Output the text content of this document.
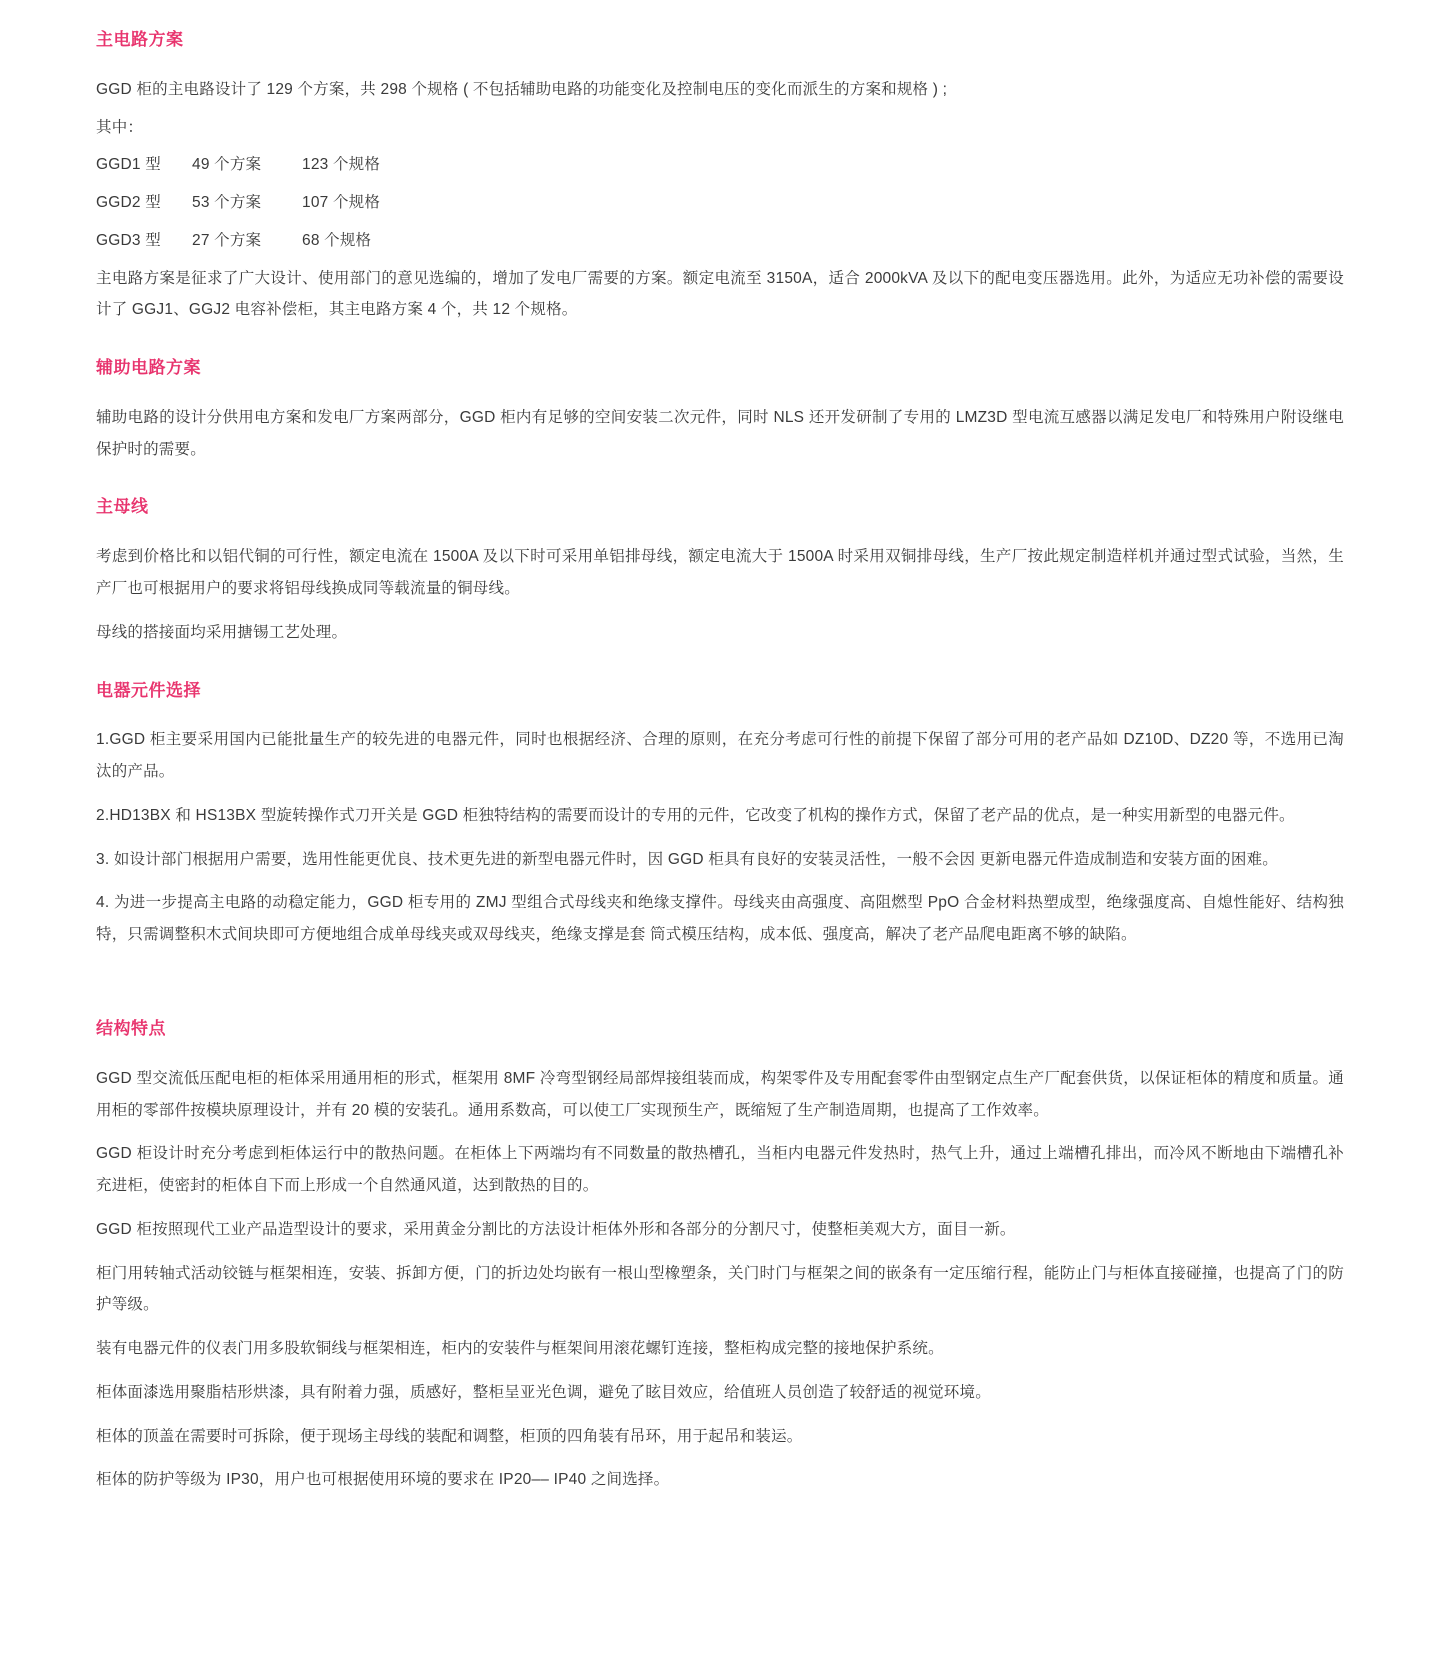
主电路方案

GGD 柜的主电路设计了 129 个方案，共 298 个规格 ( 不包括辅助电路的功能变化及控制电压的变化而派生的方案和规格 ) ;

其中：

GGD1 型 49 个方案	123 个规格
GGD2 型 53 个方案	107 个规格
GGD3 型 27 个方案	68 个规格

主电路方案是征求了广大设计、使用部门的意见选编的，增加了发电厂需要的方案。额定电流至 3150A，适合 2000kVA 及以下的配电变压器选用。此外，为适应无功补偿的需要设计了 GGJ1、GGJ2 电容补偿柜，其主电路方案 4 个，共 12 个规格。

辅助电路方案

辅助电路的设计分供用电方案和发电厂方案两部分，GGD 柜内有足够的空间安装二次元件，同时 NLS 还开发研制了专用的 LMZ3D 型电流互感器以满足发电厂和特殊用户附设继电保护时的需要。

主母线

考虑到价格比和以铝代铜的可行性，额定电流在 1500A 及以下时可采用单铝排母线，额定电流大于 1500A 时采用双铜排母线，生产厂按此规定制造样机并通过型式试验，当然，生产厂也可根据用户的要求将铝母线换成同等载流量的铜母线。

母线的搭接面均采用搪锡工艺处理。

电器元件选择

1.GGD 柜主要采用国内已能批量生产的较先进的电器元件，同时也根据经济、合理的原则，在充分考虑可行性的前提下保留了部分可用的老产品如 DZ10D、DZ20 等，不选用已淘汰的产品。

2.HD13BX 和 HS13BX 型旋转操作式刀开关是 GGD 柜独特结构的需要而设计的专用的元件，它改变了机构的操作方式，保留了老产品的优点，是一种实用新型的电器元件。

3. 如设计部门根据用户需要，选用性能更优良、技术更先进的新型电器元件时，因 GGD 柜具有良好的安装灵活性，一般不会因 更新电器元件造成制造和安装方面的困难。

4. 为进一步提高主电路的动稳定能力，GGD 柜专用的 ZMJ 型组合式母线夹和绝缘支撑件。母线夹由高强度、高阻燃型 PpO 合金材料热塑成型，绝缘强度高、自熄性能好、结构独特，只需调整积木式间块即可方便地组合成单母线夹或双母线夹，绝缘支撑是套 筒式模压结构，成本低、强度高，解决了老产品爬电距离不够的缺陷。

结构特点

GGD 型交流低压配电柜的柜体采用通用柜的形式，框架用 8MF 冷弯型钢经局部焊接组装而成，构架零件及专用配套零件由型钢定点生产厂配套供货，以保证柜体的精度和质量。通用柜的零部件按模块原理设计，并有 20 模的安装孔。通用系数高，可以使工厂实现预生产，既缩短了生产制造周期，也提高了工作效率。

GGD 柜设计时充分考虑到柜体运行中的散热问题。在柜体上下两端均有不同数量的散热槽孔，当柜内电器元件发热时，热气上升，通过上端槽孔排出，而冷风不断地由下端槽孔补充进柜，使密封的柜体自下而上形成一个自然通风道，达到散热的目的。

GGD 柜按照现代工业产品造型设计的要求，采用黄金分割比的方法设计柜体外形和各部分的分割尺寸，使整柜美观大方，面目一新。

柜门用转轴式活动铰链与框架相连，安装、拆卸方便，门的折边处均嵌有一根山型橡塑条，关门时门与框架之间的嵌条有一定压缩行程，能防止门与柜体直接碰撞，也提高了门的防护等级。

装有电器元件的仪表门用多股软铜线与框架相连，柜内的安装件与框架间用滚花螺钉连接，整柜构成完整的接地保护系统。

柜体面漆选用聚脂桔形烘漆，具有附着力强，质感好，整柜呈亚光色调，避免了眩目效应，给值班人员创造了较舒适的视觉环境。

柜体的顶盖在需要时可拆除，便于现场主母线的装配和调整，柜顶的四角装有吊环，用于起吊和装运。

柜体的防护等级为 IP30，用户也可根据使用环境的要求在 IP20–– IP40 之间选择。
